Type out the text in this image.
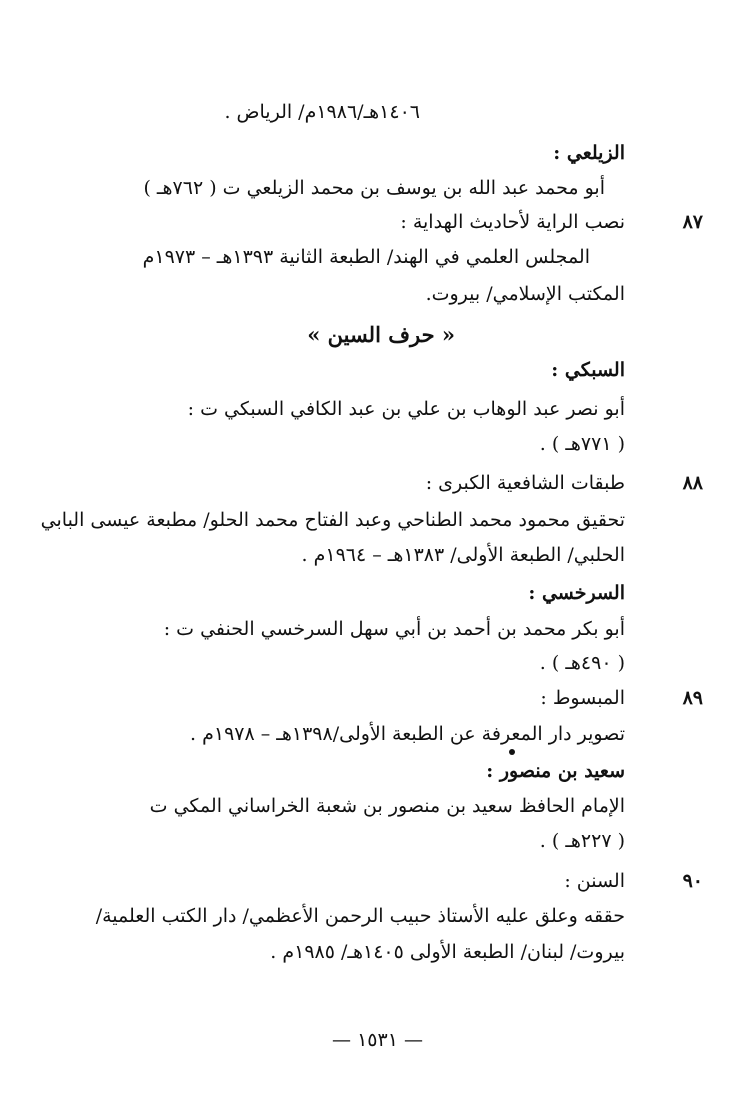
١٤٠٦هـ/١٩٨٦م/ الرياض .
الزيلعي :
أبو محمد عبد الله بن يوسف بن محمد الزيلعي ت ( ٧٦٢هـ )
٨٧
نصب الراية لأحاديث الهداية :
المجلس العلمي في الهند/ الطبعة الثانية ١٣٩٣هـ – ١٩٧٣م
المكتب الإسلامي/ بيروت.
« حرف السين »
السبكي :
أبو نصر عبد الوهاب بن علي بن عبد الكافي السبكي ت :
( ٧٧١هـ ) .
٨٨
طبقات الشافعية الكبرى :
تحقيق محمود محمد الطناحي وعبد الفتاح محمد الحلو/ مطبعة عيسى البابي
الحلبي/ الطبعة الأولى/ ١٣٨٣هـ – ١٩٦٤م .
السرخسي :
أبو بكر محمد بن أحمد بن أبي سهل السرخسي الحنفي ت :
( ٤٩٠هـ ) .
٨٩
المبسوط :
تصوير دار المعرفة عن الطبعة الأولى/١٣٩٨هـ – ١٩٧٨م .
سعيد بن منصور :
الإمام الحافظ سعيد بن منصور بن شعبة الخراساني المكي ت
( ٢٢٧هـ ) .
٩٠
السنن :
حققه وعلق عليه الأستاذ حبيب الرحمن الأعظمي/ دار الكتب العلمية/
بيروت/ لبنان/ الطبعة الأولى ١٤٠٥هـ/ ١٩٨٥م .
— ١٥٣١ —
